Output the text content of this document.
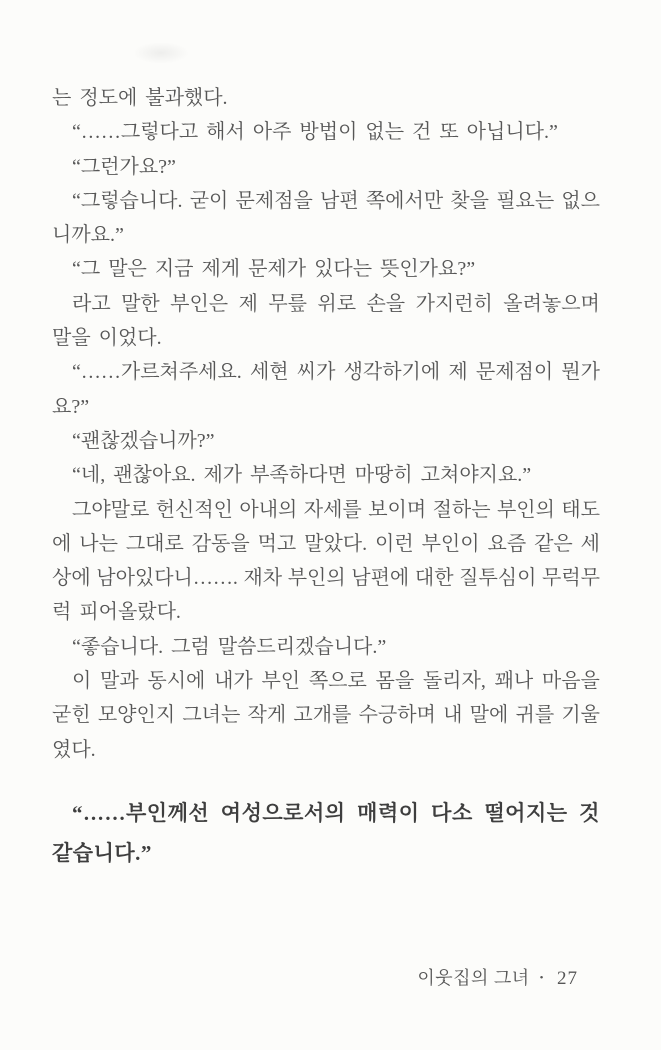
는 정도에 불과했다.
“……그렇다고 해서 아주 방법이 없는 건 또 아닙니다.”
“그런가요?”
“그렇습니다. 굳이 문제점을 남편 쪽에서만 찾을 필요는 없으
니까요.”
“그 말은 지금 제게 문제가 있다는 뜻인가요?”
라고 말한 부인은 제 무릎 위로 손을 가지런히 올려놓으며
말을 이었다.
“……가르쳐주세요. 세현 씨가 생각하기에 제 문제점이 뭔가
요?”
“괜찮겠습니까?”
“네, 괜찮아요. 제가 부족하다면 마땅히 고쳐야지요.”
그야말로 헌신적인 아내의 자세를 보이며 절하는 부인의 태도
에 나는 그대로 감동을 먹고 말았다. 이런 부인이 요즘 같은 세
상에 남아있다니……. 재차 부인의 남편에 대한 질투심이 무럭무
럭 피어올랐다.
“좋습니다. 그럼 말씀드리겠습니다.”
이 말과 동시에 내가 부인 쪽으로 몸을 돌리자, 꽤나 마음을
굳힌 모양인지 그녀는 작게 고개를 수긍하며 내 말에 귀를 기울
였다.
“……부인께선 여성으로서의 매력이 다소 떨어지는 것
같습니다.”
이웃집의 그녀 • 27
